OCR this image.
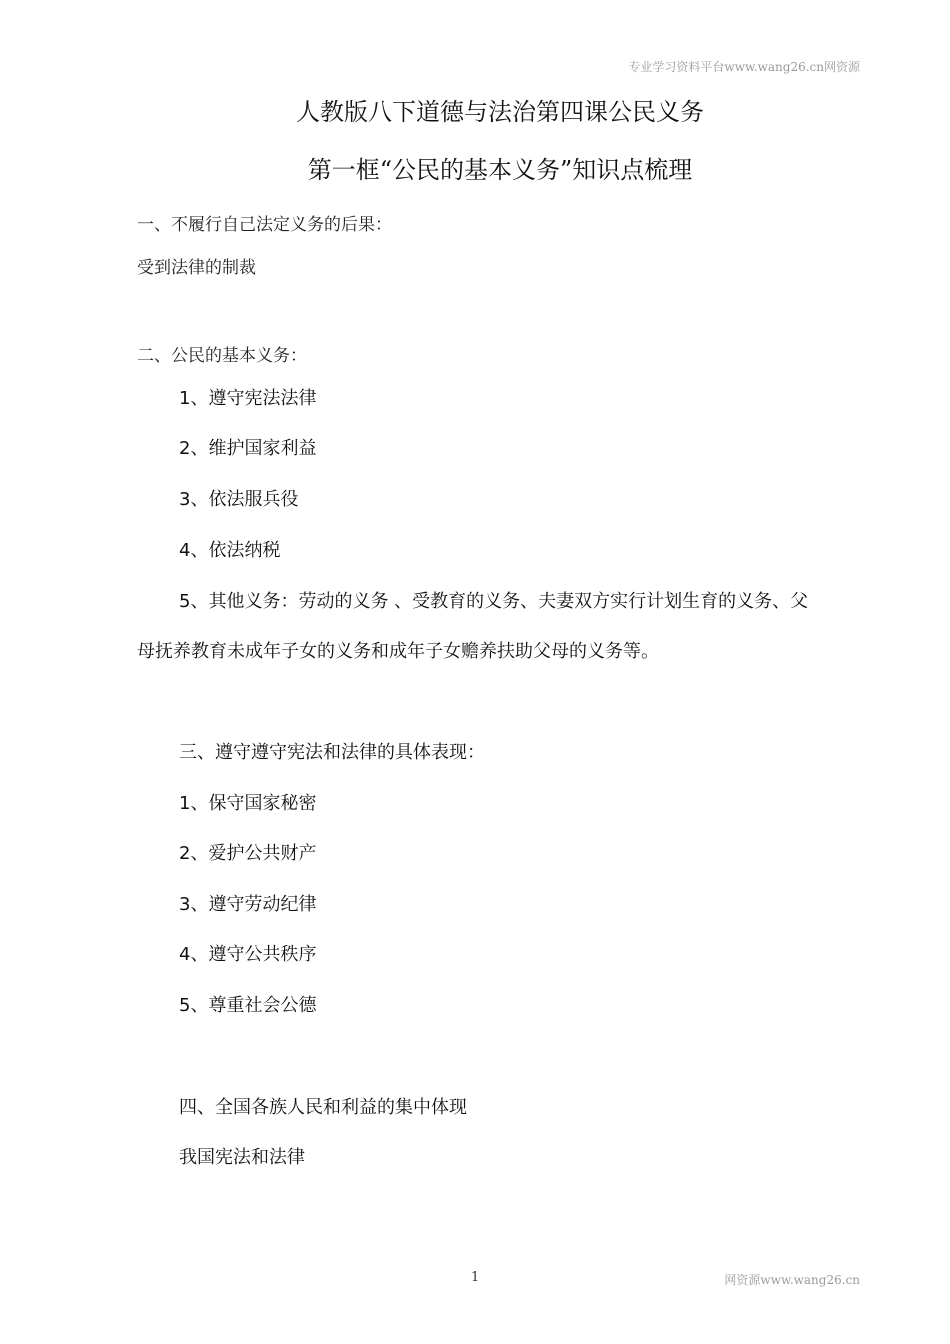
专业学习资料平台www.wang26.cn网资源
人教版八下道德与法治第四课公民义务
第一框“公民的基本义务”知识点梳理
一、不履行自己法定义务的后果：
受到法律的制裁
二、公民的基本义务：
1、遵守宪法法律
2、维护国家利益
3、依法服兵役
4、依法纳税
5、其他义务：劳动的义务 、受教育的义务、夫妻双方实行计划生育的义务、父
母抚养教育未成年子女的义务和成年子女赡养扶助父母的义务等。
三、遵守遵守宪法和法律的具体表现：
1、保守国家秘密
2、爱护公共财产
3、遵守劳动纪律
4、遵守公共秩序
5、尊重社会公德
四、全国各族人民和利益的集中体现
我国宪法和法律
1	网资源www.wang26.cn
